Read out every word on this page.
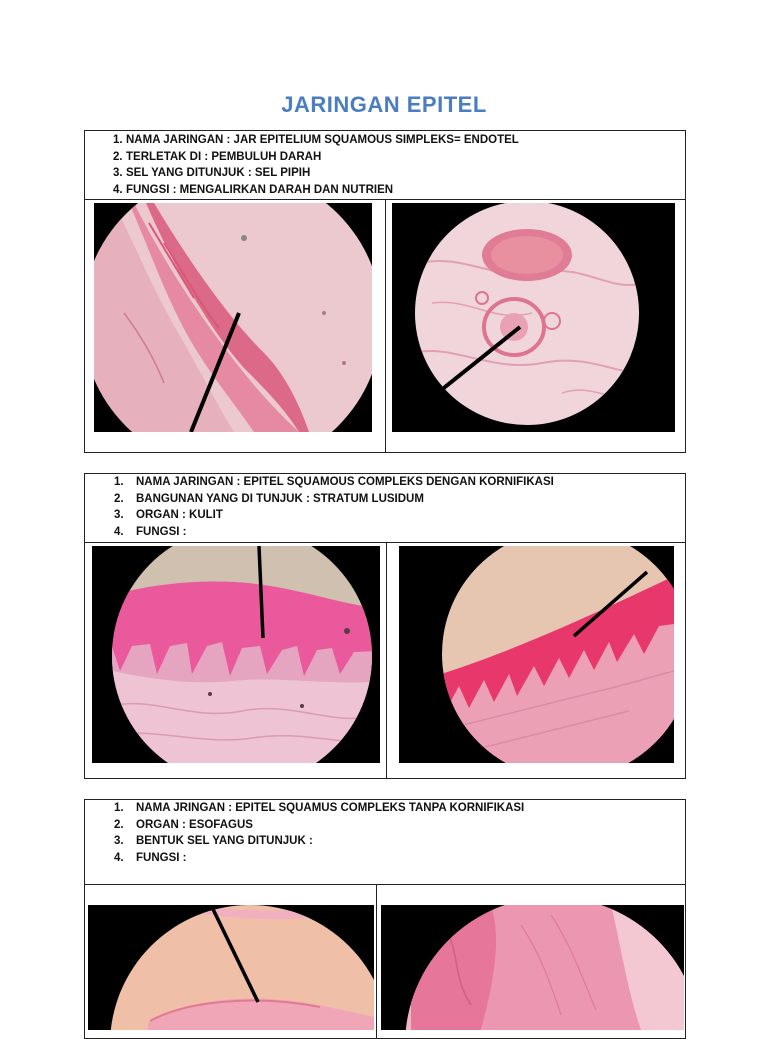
JARINGAN EPITEL
1. NAMA JARINGAN : JAR EPITELIUM SQUAMOUS SIMPLEKS= ENDOTEL
2. TERLETAK DI : PEMBULUH DARAH
3. SEL YANG DITUNJUK : SEL PIPIH
4. FUNGSI : MENGALIRKAN DARAH DAN NUTRIEN
1. NAMA JARINGAN : EPITEL SQUAMOUS COMPLEKS DENGAN KORNIFIKASI
2. BANGUNAN YANG DI TUNJUK : STRATUM LUSIDUM
3. ORGAN : KULIT
4. FUNGSI :
1. NAMA JRINGAN : EPITEL SQUAMUS COMPLEKS TANPA KORNIFIKASI
2. ORGAN : ESOFAGUS
3. BENTUK SEL YANG DITUNJUK :
4. FUNGSI :
